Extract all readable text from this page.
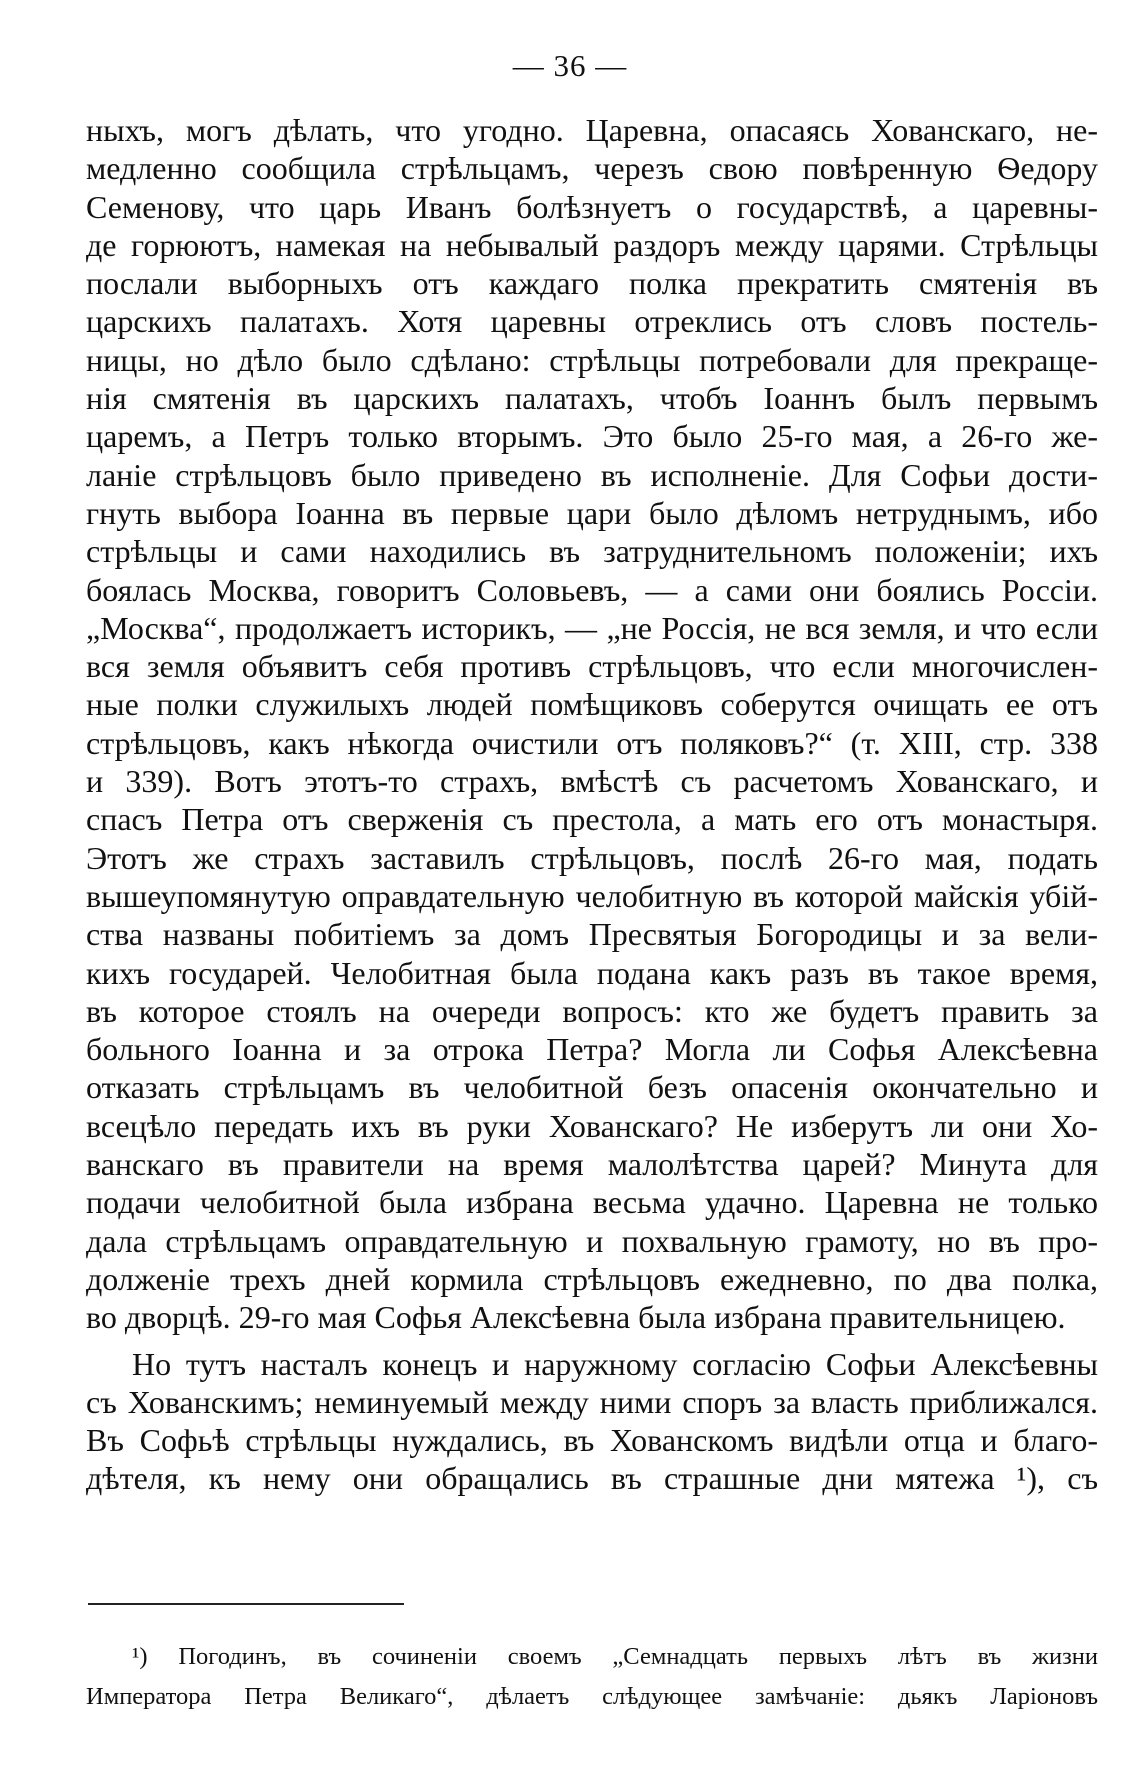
— 36 —
ныхъ, могъ дѣлать, что угодно. Царевна, опасаясь Хованскаго, не-
медленно сообщила стрѣльцамъ, черезъ свою повѣренную Ѳедору
Семенову, что царь Иванъ болѣзнуетъ о государствѣ, а царевны-
де горюютъ, намекая на небывалый раздоръ между царями. Стрѣльцы
послали выборныхъ отъ каждаго полка прекратить смятенія въ
царскихъ палатахъ. Хотя царевны отреклись отъ словъ постель-
ницы, но дѣло было сдѣлано: стрѣльцы потребовали для прекраще-
нія смятенія въ царскихъ палатахъ, чтобъ Іоаннъ былъ первымъ
царемъ, а Петръ только вторымъ. Это было 25-го мая, а 26-го же-
ланіе стрѣльцовъ было приведено въ исполненіе. Для Софьи дости-
гнуть выбора Іоанна въ первые цари было дѣломъ нетруднымъ, ибо
стрѣльцы и сами находились въ затруднительномъ положеніи; ихъ
боялась Москва, говоритъ Соловьевъ, — а сами они боялись Россіи.
„Москва“, продолжаетъ историкъ, — „не Россія, не вся земля, и что если
вся земля объявитъ себя противъ стрѣльцовъ, что если многочислен-
ные полки служилыхъ людей помѣщиковъ соберутся очищать ее отъ
стрѣльцовъ, какъ нѣкогда очистили отъ поляковъ?“ (т. XIII, стр. 338
и 339). Вотъ этотъ-то страхъ, вмѣстѣ съ расчетомъ Хованскаго, и
спасъ Петра отъ сверженія съ престола, а мать его отъ монастыря.
Этотъ же страхъ заставилъ стрѣльцовъ, послѣ 26-го мая, подать
вышеупомянутую оправдательную челобитную въ которой майскія убій-
ства названы побитіемъ за домъ Пресвятыя Богородицы и за вели-
кихъ государей. Челобитная была подана какъ разъ въ такое время,
въ которое стоялъ на очереди вопросъ: кто же будетъ править за
больного Іоанна и за отрока Петра? Могла ли Софья Алексѣевна
отказать стрѣльцамъ въ челобитной безъ опасенія окончательно и
всецѣло передать ихъ въ руки Хованскаго? Не изберутъ ли они Хо-
ванскаго въ правители на время малолѣтства царей? Минута для
подачи челобитной была избрана весьма удачно. Царевна не только
дала стрѣльцамъ оправдательную и похвальную грамоту, но въ про-
долженіе трехъ дней кормила стрѣльцовъ ежедневно, по два полка,
во дворцѣ. 29-го мая Софья Алексѣевна была избрана правительницею.
Но тутъ насталъ конецъ и наружному согласію Софьи Алексѣевны
съ Хованскимъ; неминуемый между ними споръ за власть приближался.
Въ Софьѣ стрѣльцы нуждались, въ Хованскомъ видѣли отца и благо-
дѣтеля, къ нему они обращались въ страшные дни мятежа ¹), съ
¹) Погодинъ, въ сочиненіи своемъ „Семнадцать первыхъ лѣтъ въ жизни
Императора Петра Великаго“, дѣлаетъ слѣдующее замѣчаніе: дьякъ Ларіоновъ
